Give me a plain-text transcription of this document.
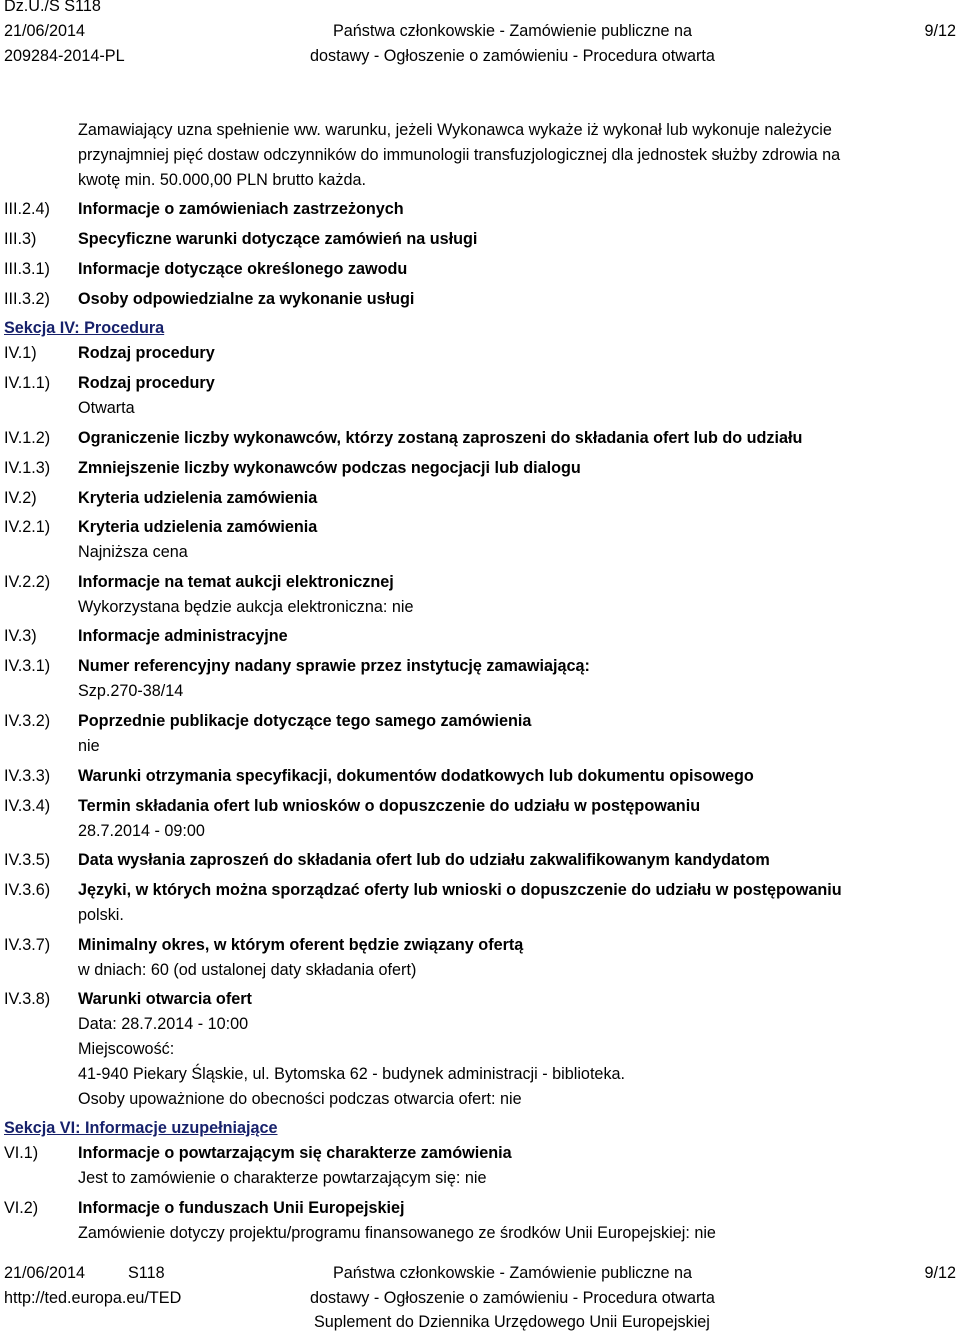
Dz.U./S S118
21/06/2014
209284-2014-PL
Państwa członkowskie - Zamówienie publiczne na
dostawy - Ogłoszenie o zamówieniu - Procedura otwarta
9/12
Zamawiający uzna spełnienie ww. warunku, jeżeli Wykonawca wykaże iż wykonał lub wykonuje należycie
przynajmniej pięć dostaw odczynników do immunologii transfuzjologicznej dla jednostek służby zdrowia na
kwotę min. 50.000,00 PLN brutto każda.
III.2.4) Informacje o zamówieniach zastrzeżonych
III.3)	Specyficzne warunki dotyczące zamówień na usługi
III.3.1) Informacje dotyczące określonego zawodu
III.3.2) Osoby odpowiedzialne za wykonanie usługi
Sekcja IV: Procedura
IV.1)	Rodzaj procedury
IV.1.1) Rodzaj procedury
Otwarta
IV.1.2) Ograniczenie liczby wykonawców, którzy zostaną zaproszeni do składania ofert lub do udziału
IV.1.3) Zmniejszenie liczby wykonawców podczas negocjacji lub dialogu
IV.2)	Kryteria udzielenia zamówienia
IV.2.1) Kryteria udzielenia zamówienia
Najniższa cena
IV.2.2) Informacje na temat aukcji elektronicznej
Wykorzystana będzie aukcja elektroniczna: nie
IV.3)	Informacje administracyjne
IV.3.1) Numer referencyjny nadany sprawie przez instytucję zamawiającą:
Szp.270-38/14
IV.3.2) Poprzednie publikacje dotyczące tego samego zamówienia
nie
IV.3.3) Warunki otrzymania specyfikacji, dokumentów dodatkowych lub dokumentu opisowego
IV.3.4) Termin składania ofert lub wniosków o dopuszczenie do udziału w postępowaniu
28.7.2014 - 09:00
IV.3.5) Data wysłania zaproszeń do składania ofert lub do udziału zakwalifikowanym kandydatom
IV.3.6) Języki, w których można sporządzać oferty lub wnioski o dopuszczenie do udziału w postępowaniu
polski.
IV.3.7) Minimalny okres, w którym oferent będzie związany ofertą
w dniach: 60 (od ustalonej daty składania ofert)
IV.3.8) Warunki otwarcia ofert
Data: 28.7.2014 - 10:00
Miejscowość:
41-940 Piekary Śląskie, ul. Bytomska 62 - budynek administracji - biblioteka.
Osoby upoważnione do obecności podczas otwarcia ofert: nie
Sekcja VI: Informacje uzupełniające
VI.1) Informacje o powtarzającym się charakterze zamówienia
Jest to zamówienie o charakterze powtarzającym się: nie
VI.2) Informacje o funduszach Unii Europejskiej
Zamówienie dotyczy projektu/programu finansowanego ze środków Unii Europejskiej: nie
21/06/2014	S118
http://ted.europa.eu/TED
Państwa członkowskie - Zamówienie publiczne na
dostawy - Ogłoszenie o zamówieniu - Procedura otwarta
Suplement do Dziennika Urzędowego Unii Europejskiej
9/12
